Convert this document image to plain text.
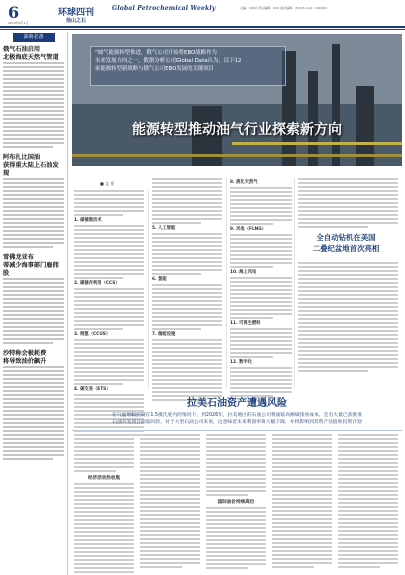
6
2010年8月1日
环球四刊	Global Petrochemical Weekly
他山之石
主编：XXXX 责任编辑：XXX 美术编辑：XXX E-mail：XXXXXX
油商必备
俄气石油启用
北极海底天然气管道
阿布扎比国油
获得重大陆上石油发现
雪佛龙亚布
蒂减少海事部门雇佣股
沙特称会极耗费
将导致油价飙升

“城气能源转型推进，俄气公司开始将EBO战略作为

未来发展方向之一，数据分析公司Global Data认为，以下12

家能源转型新战略与俄气公司EBO发展的关键项目

能源转型推动油气行业探索新方向
■ 文 亚
1. 碳捕集技术
2. 碳储存利用（CCS）
3. 制氢（CCUS）
4. 碳交易（ETS）
5. 人工智能
6. 氢能
7. 储能设施
8. 液化天然气
9. 风电（FLNG）
10. 海上风电
11. 可再生燃料
12. 数字化
全自动钻机在美国
二叠纪盆地首次亮相
拉美石油资产遭遇风险
在气温增幅控制在1.5摄氏度内的情况下，到2026年，拉美地区的石油公司将面临高额碳排放成本，会有大量已获批准
石油开发项目面临风险。对于大型石油公司来说，这意味着未来利润率将大幅下降，并将影响到其资产估值和投资计划
经济活动热收集
国际油价持续高位
